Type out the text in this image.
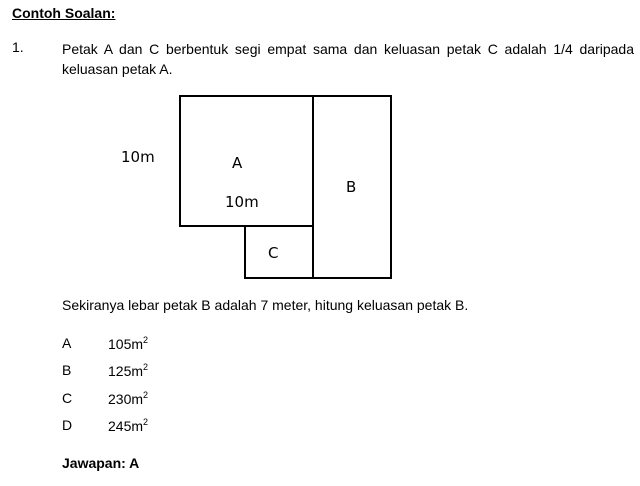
Contoh Soalan:
1.	Petak A dan C berbentuk segi empat sama dan keluasan petak C adalah 1/4 daripada keluasan petak A.
10m	A
10m
B
C
Sekiranya lebar petak B adalah 7 meter, hitung keluasan petak B.
A	$105m^2$
B	$125m^2$
C	$230m^2$
D	$245m^2$
Jawapan: A
